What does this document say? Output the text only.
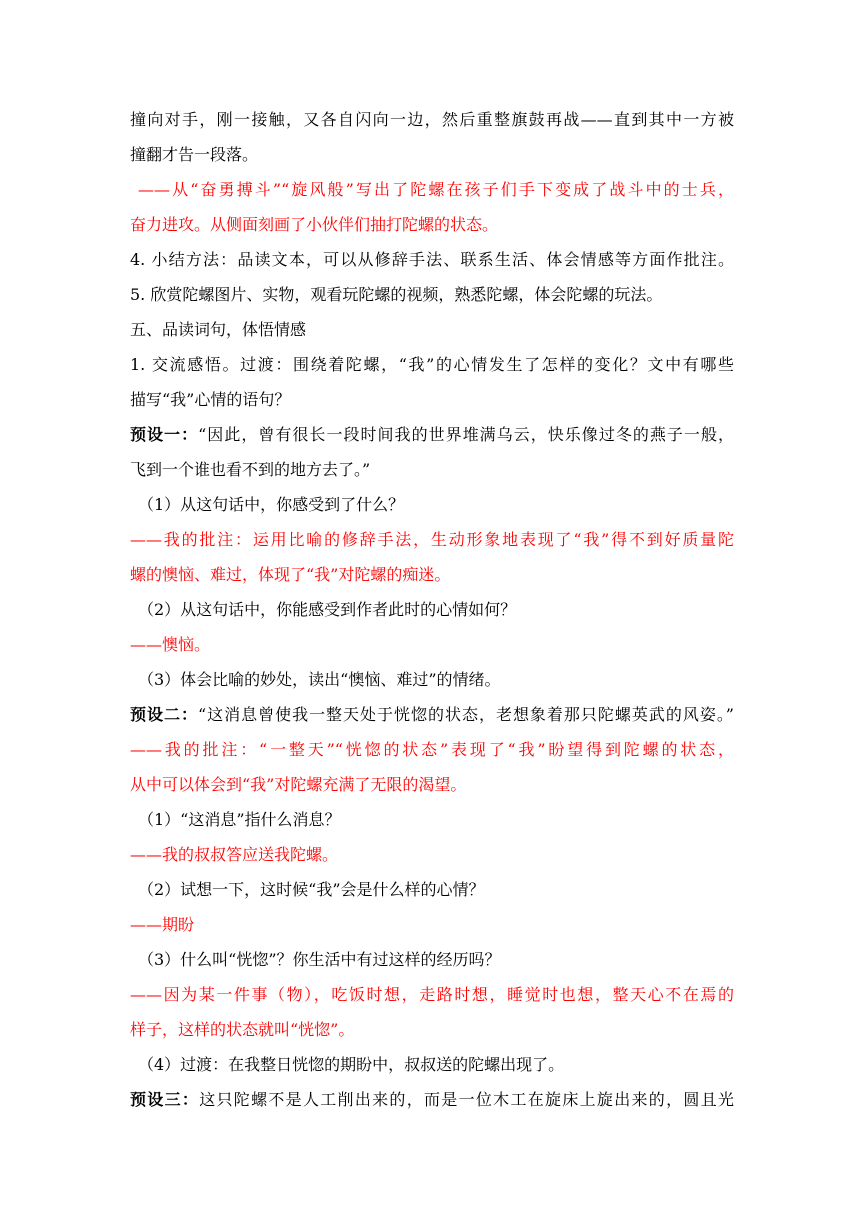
撞向对手，刚一接触，又各自闪向一边，然后重整旗鼓再战——直到其中一方被
撞翻才告一段落。
——从“奋勇搏斗”“旋风般”写出了陀螺在孩子们手下变成了战斗中的士兵，
奋力进攻。从侧面刻画了小伙伴们抽打陀螺的状态。
4. 小结方法：品读文本，可以从修辞手法、联系生活、体会情感等方面作批注。
5. 欣赏陀螺图片、实物，观看玩陀螺的视频，熟悉陀螺，体会陀螺的玩法。
五、品读词句，体悟情感
1. 交流感悟。过渡：围绕着陀螺，“我”的心情发生了怎样的变化？文中有哪些
描写“我”心情的语句？
预设一：“因此，曾有很长一段时间我的世界堆满乌云，快乐像过冬的燕子一般，
飞到一个谁也看不到的地方去了。”
（1）从这句话中，你感受到了什么？
——我的批注：运用比喻的修辞手法，生动形象地表现了“我”得不到好质量陀
螺的懊恼、难过，体现了“我”对陀螺的痴迷。
（2）从这句话中，你能感受到作者此时的心情如何？
——懊恼。
（3）体会比喻的妙处，读出“懊恼、难过”的情绪。
预设二：“这消息曾使我一整天处于恍惚的状态，老想象着那只陀螺英武的风姿。”
——我的批注：“一整天”“恍惚的状态”表现了“我”盼望得到陀螺的状态，
从中可以体会到“我”对陀螺充满了无限的渴望。
（1）“这消息”指什么消息？
——我的叔叔答应送我陀螺。
（2）试想一下，这时候“我”会是什么样的心情？
——期盼
（3）什么叫“恍惚”？你生活中有过这样的经历吗？
——因为某一件事（物），吃饭时想，走路时想，睡觉时也想，整天心不在焉的
样子，这样的状态就叫“恍惚”。
（4）过渡：在我整日恍惚的期盼中，叔叔送的陀螺出现了。
预设三：这只陀螺不是人工削出来的，而是一位木工在旋床上旋出来的，圆且光
